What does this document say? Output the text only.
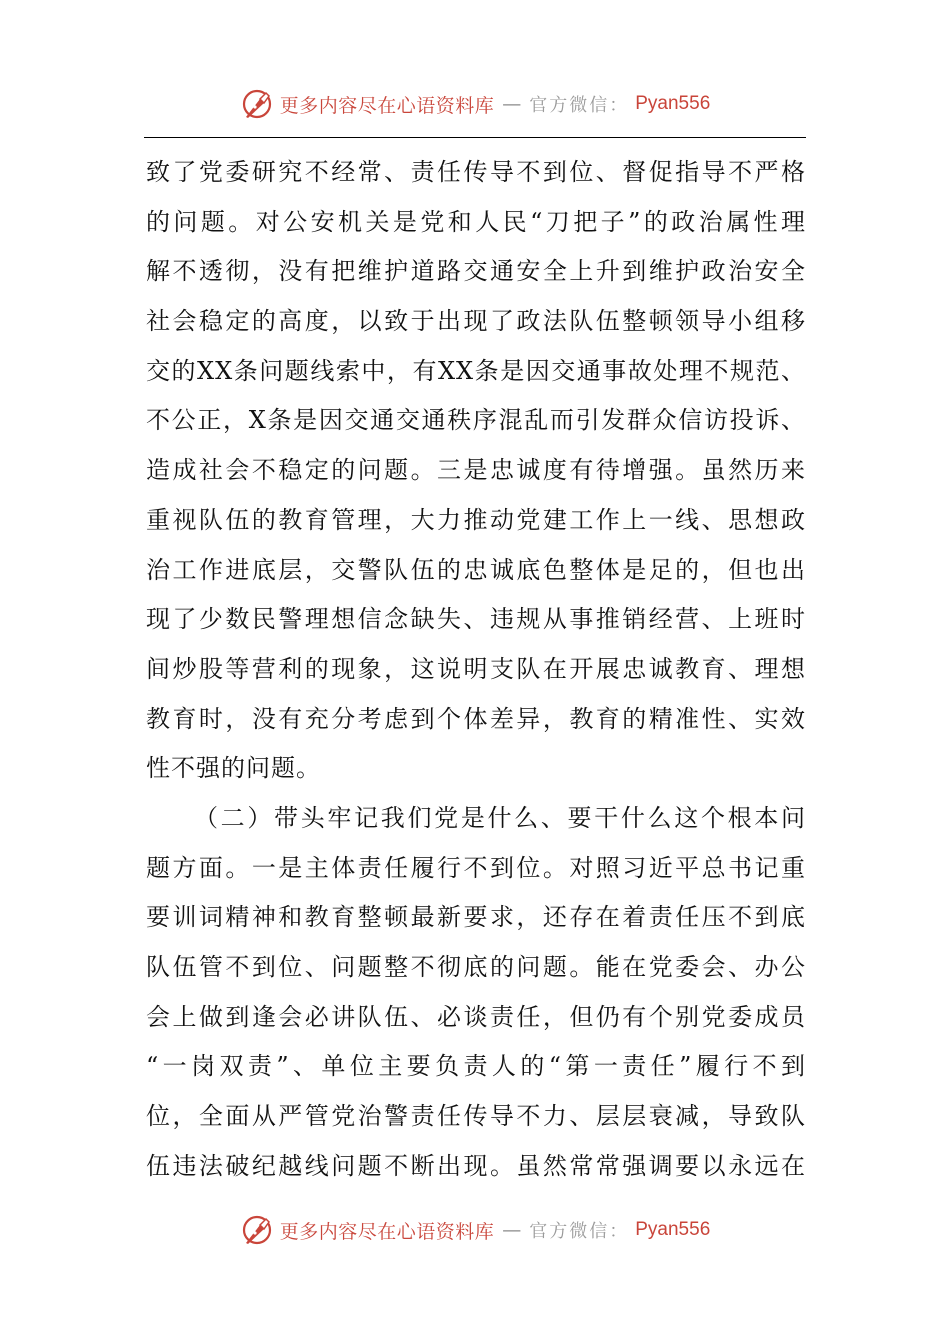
更多内容尽在心语资料库 — 官方微信： Pyan556
致了党委研究不经常、责任传导不到位、督促指导不严格
的问题。对公安机关是党和人民“刀把子”的政治属性理
解不透彻，没有把维护道路交通安全上升到维护政治安全
社会稳定的高度，以致于出现了政法队伍整顿领导小组移
交的XX条问题线索中，有XX条是因交通事故处理不规范、
不公正，X条是因交通交通秩序混乱而引发群众信访投诉、
造成社会不稳定的问题。三是忠诚度有待增强。虽然历来
重视队伍的教育管理，大力推动党建工作上一线、思想政
治工作进底层，交警队伍的忠诚底色整体是足的，但也出
现了少数民警理想信念缺失、违规从事推销经营、上班时
间炒股等营利的现象，这说明支队在开展忠诚教育、理想
教育时，没有充分考虑到个体差异，教育的精准性、实效
性不强的问题。
（二）带头牢记我们党是什么、要干什么这个根本问
题方面。一是主体责任履行不到位。对照习近平总书记重
要训词精神和教育整顿最新要求，还存在着责任压不到底
队伍管不到位、问题整不彻底的问题。能在党委会、办公
会上做到逢会必讲队伍、必谈责任，但仍有个别党委成员
“一岗双责”、单位主要负责人的“第一责任”履行不到
位，全面从严管党治警责任传导不力、层层衰减，导致队
伍违法破纪越线问题不断出现。虽然常常强调要以永远在
更多内容尽在心语资料库 — 官方微信： Pyan556
